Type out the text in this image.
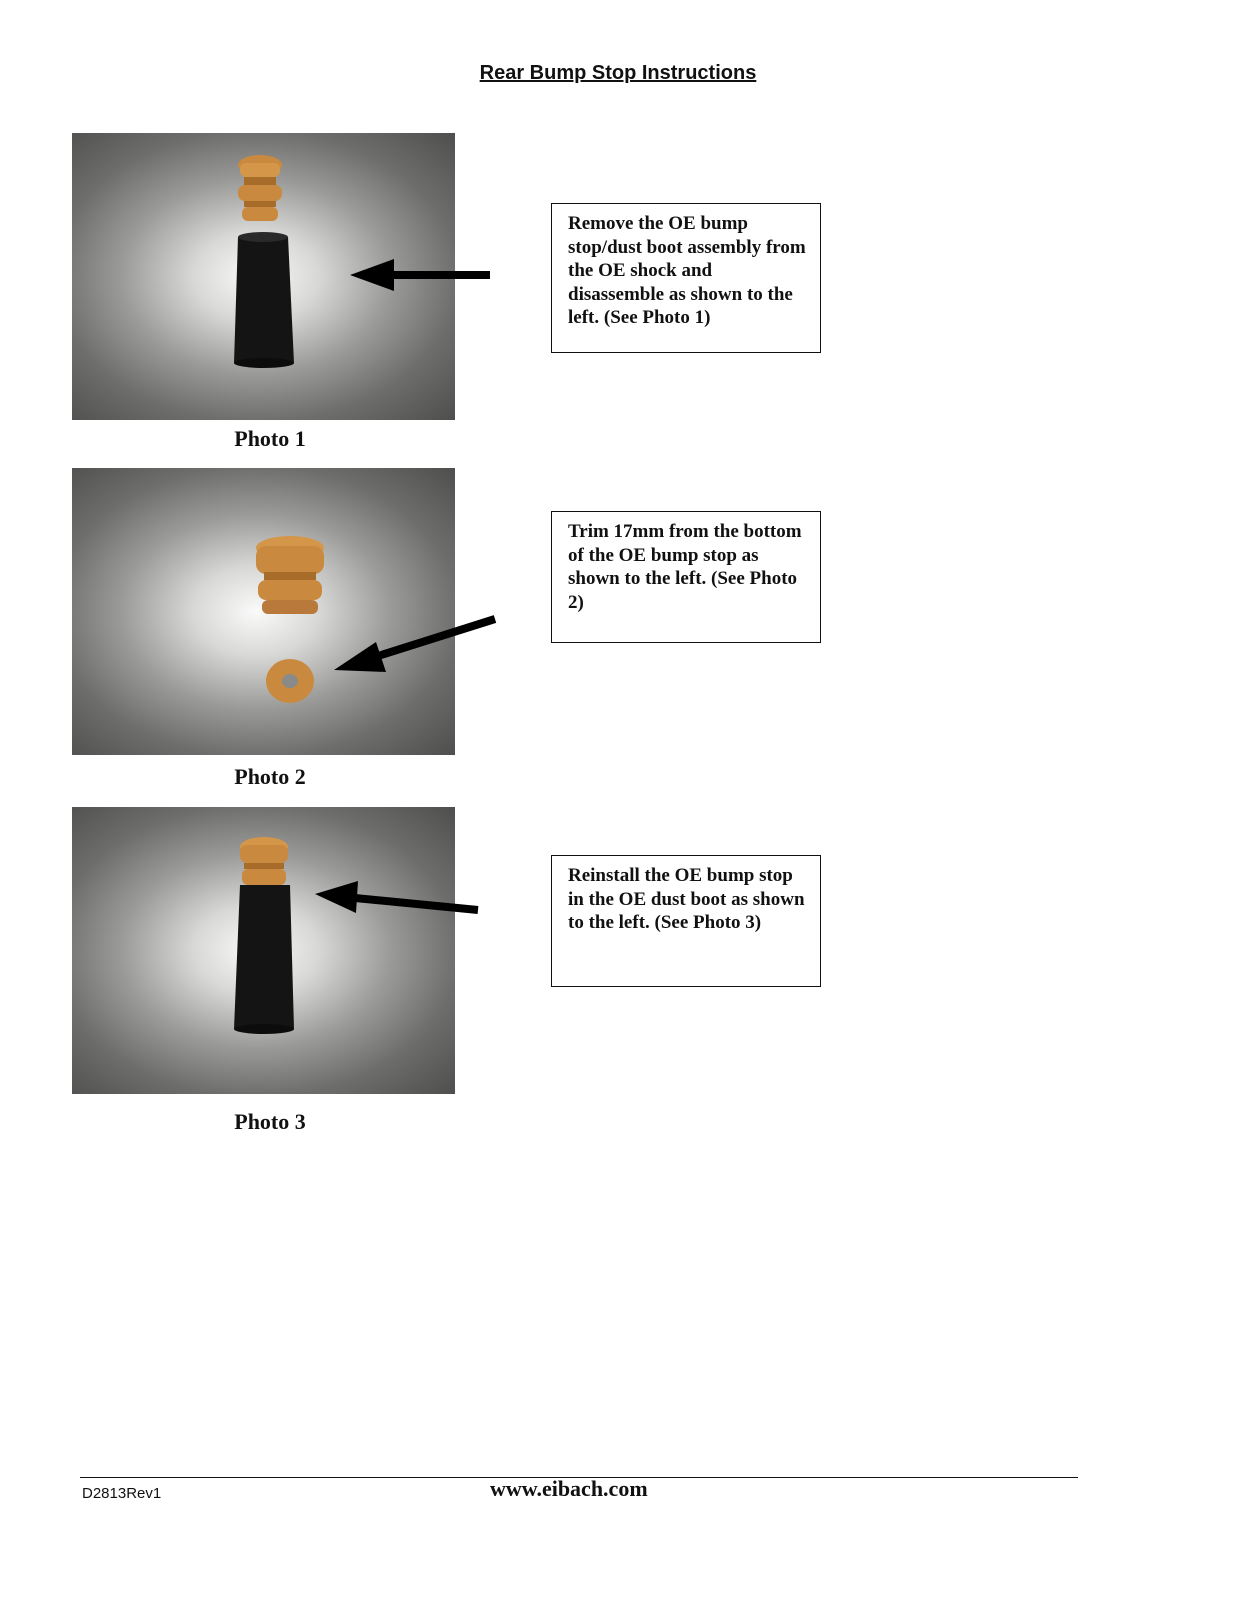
Rear Bump Stop Instructions
Photo 1
Remove the OE bump stop/dust boot assembly from the OE shock and disassemble as shown to the left. (See Photo 1)
Photo 2
Trim 17mm from the bottom of the OE bump stop as shown to the left. (See Photo 2)
Photo 3
Reinstall the OE bump stop in the OE dust boot as shown to the left. (See Photo 3)
D2813Rev1	www.eibach.com
